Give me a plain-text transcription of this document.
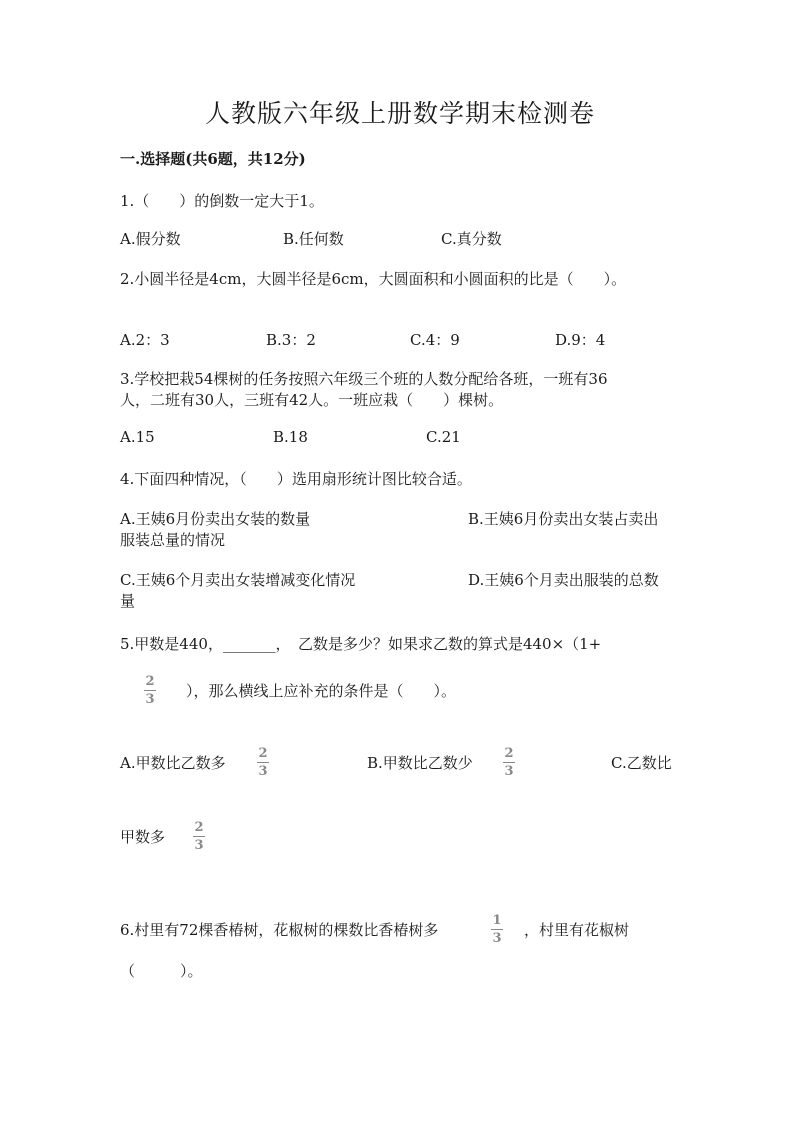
人教版六年级上册数学期末检测卷
一.选择题(共6题，共12分)
1.（　　）的倒数一定大于1。
A.假分数	B.任何数	C.真分数
2.小圆半径是4cm，大圆半径是6cm，大圆面积和小圆面积的比是（　　）。
A.2：3	B.3：2	C.4：9	D.9：4
3.学校把栽54棵树的任务按照六年级三个班的人数分配给各班，一班有36
人，二班有30人，三班有42人。一班应栽（　　）棵树。
A.15	B.18	C.21
4.下面四种情况，（　　）选用扇形统计图比较合适。
A.王姨6月份卖出女装的数量	B.王姨6月份卖出女装占卖出
服装总量的情况
C.王姨6个月卖出女装增减变化情况	D.王姨6个月卖出服装的总数
量
5.甲数是440，_______，　乙数是多少？如果求乙数的算式是440×（1+
2
3 ），那么横线上应补充的条件是（　　）。
A.甲数比乙数多
2
3	B.甲数比乙数少
2
3	C.乙数比
甲数多
2
3
6.村里有72棵香椿树，花椒树的棵数比香椿树多
1
3 ，村里有花椒树
（　　　）。
